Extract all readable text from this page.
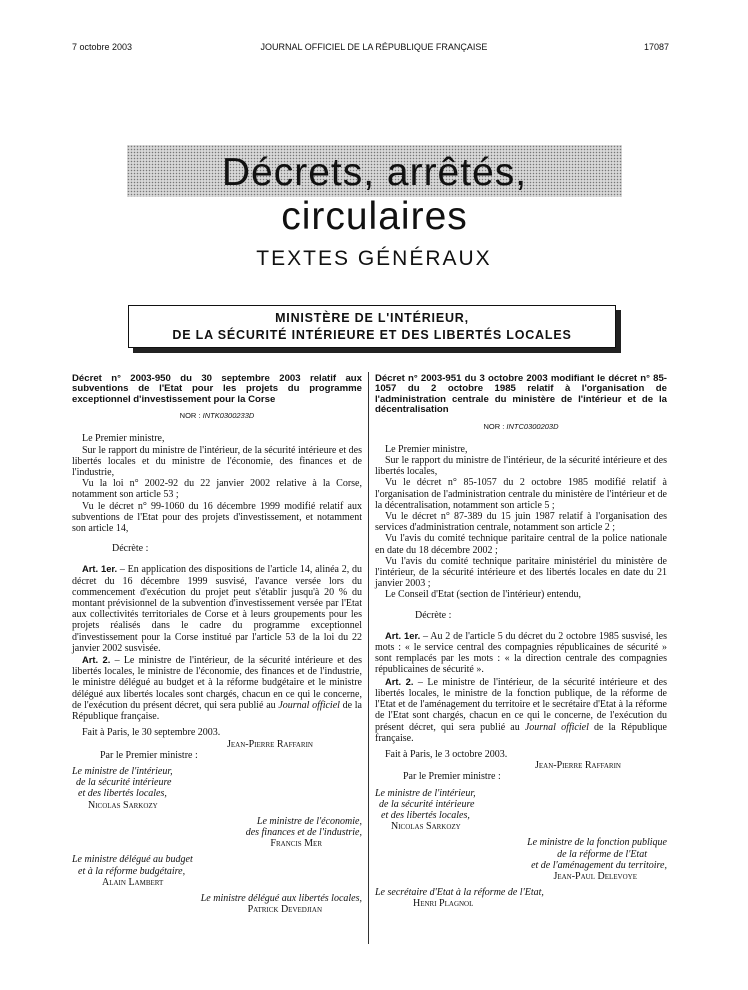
7 octobre 2003	JOURNAL OFFICIEL DE LA RÉPUBLIQUE FRANÇAISE	17087
Décrets, arrêtés, circulaires
TEXTES GÉNÉRAUX
MINISTÈRE DE L'INTÉRIEUR,
DE LA SÉCURITÉ INTÉRIEURE ET DES LIBERTÉS LOCALES

Décret n° 2003-950 du 30 septembre 2003 relatif aux subventions de l'Etat pour les projets du programme exceptionnel d'investissement pour la Corse

NOR : INTK0300233D

Le Premier ministre,

Sur le rapport du ministre de l'intérieur, de la sécurité intérieure et des libertés locales et du ministre de l'économie, des finances et de l'industrie,

Vu la loi n° 2002-92 du 22 janvier 2002 relative à la Corse, notamment son article 53 ;

Vu le décret n° 99-1060 du 16 décembre 1999 modifié relatif aux subventions de l'Etat pour des projets d'investissement, et notamment son article 14,

Décrète :

Art. 1er. – En application des dispositions de l'article 14, alinéa 2, du décret du 16 décembre 1999 susvisé, l'avance versée lors du commencement d'exécution du projet peut s'établir jusqu'à 20 % du montant prévisionnel de la subvention d'investissement versée par l'Etat aux collectivités territoriales de Corse et à leurs groupements pour les projets réalisés dans le cadre du programme exceptionnel d'investissement pour la Corse institué par l'article 53 de la loi du 22 janvier 2002 susvisée.

Art. 2. – Le ministre de l'intérieur, de la sécurité intérieure et des libertés locales, le ministre de l'économie, des finances et de l'industrie, le ministre délégué au budget et à la réforme budgétaire et le ministre délégué aux libertés locales sont chargés, chacun en ce qui le concerne, de l'exécution du présent décret, qui sera publié au Journal officiel de la République française.

Fait à Paris, le 30 septembre 2003.

Jean-Pierre Raffarin

Par le Premier ministre :

Le ministre de l'intérieur,

de la sécurité intérieure

et des libertés locales,

Nicolas Sarkozy

Le ministre de l'économie,

des finances et de l'industrie,

Francis Mer

Le ministre délégué au budget

et à la réforme budgétaire,

Alain Lambert

Le ministre délégué aux libertés locales,

Patrick Devedjian

Décret n° 2003-951 du 3 octobre 2003 modifiant le décret n° 85-1057 du 2 octobre 1985 relatif à l'organisation de l'administration centrale du ministère de l'intérieur et de la décentralisation

NOR : INTC0300203D

Le Premier ministre,

Sur le rapport du ministre de l'intérieur, de la sécurité intérieure et des libertés locales,

Vu le décret n° 85-1057 du 2 octobre 1985 modifié relatif à l'organisation de l'administration centrale du ministère de l'intérieur et de la décentralisation, notamment son article 5 ;

Vu le décret n° 87-389 du 15 juin 1987 relatif à l'organisation des services d'administration centrale, notamment son article 2 ;

Vu l'avis du comité technique paritaire central de la police nationale en date du 18 décembre 2002 ;

Vu l'avis du comité technique paritaire ministériel du ministère de l'intérieur, de la sécurité intérieure et des libertés locales en date du 21 janvier 2003 ;

Le Conseil d'Etat (section de l'intérieur) entendu,

Décrète :

Art. 1er. – Au 2 de l'article 5 du décret du 2 octobre 1985 susvisé, les mots : « le service central des compagnies républicaines de sécurité » sont remplacés par les mots : « la direction centrale des compagnies républicaines de sécurité ».

Art. 2. – Le ministre de l'intérieur, de la sécurité intérieure et des libertés locales, le ministre de la fonction publique, de la réforme de l'Etat et de l'aménagement du territoire et le secrétaire d'Etat à la réforme de l'Etat sont chargés, chacun en ce qui le concerne, de l'exécution du présent décret, qui sera publié au Journal officiel de la République française.

Fait à Paris, le 3 octobre 2003.

Jean-Pierre Raffarin

Par le Premier ministre :

Le ministre de l'intérieur,

de la sécurité intérieure

et des libertés locales,

Nicolas Sarkozy

Le ministre de la fonction publique

de la réforme de l'Etat

et de l'aménagement du territoire,

Jean-Paul Delevoye

Le secrétaire d'Etat à la réforme de l'Etat,

Henri Plagnol
